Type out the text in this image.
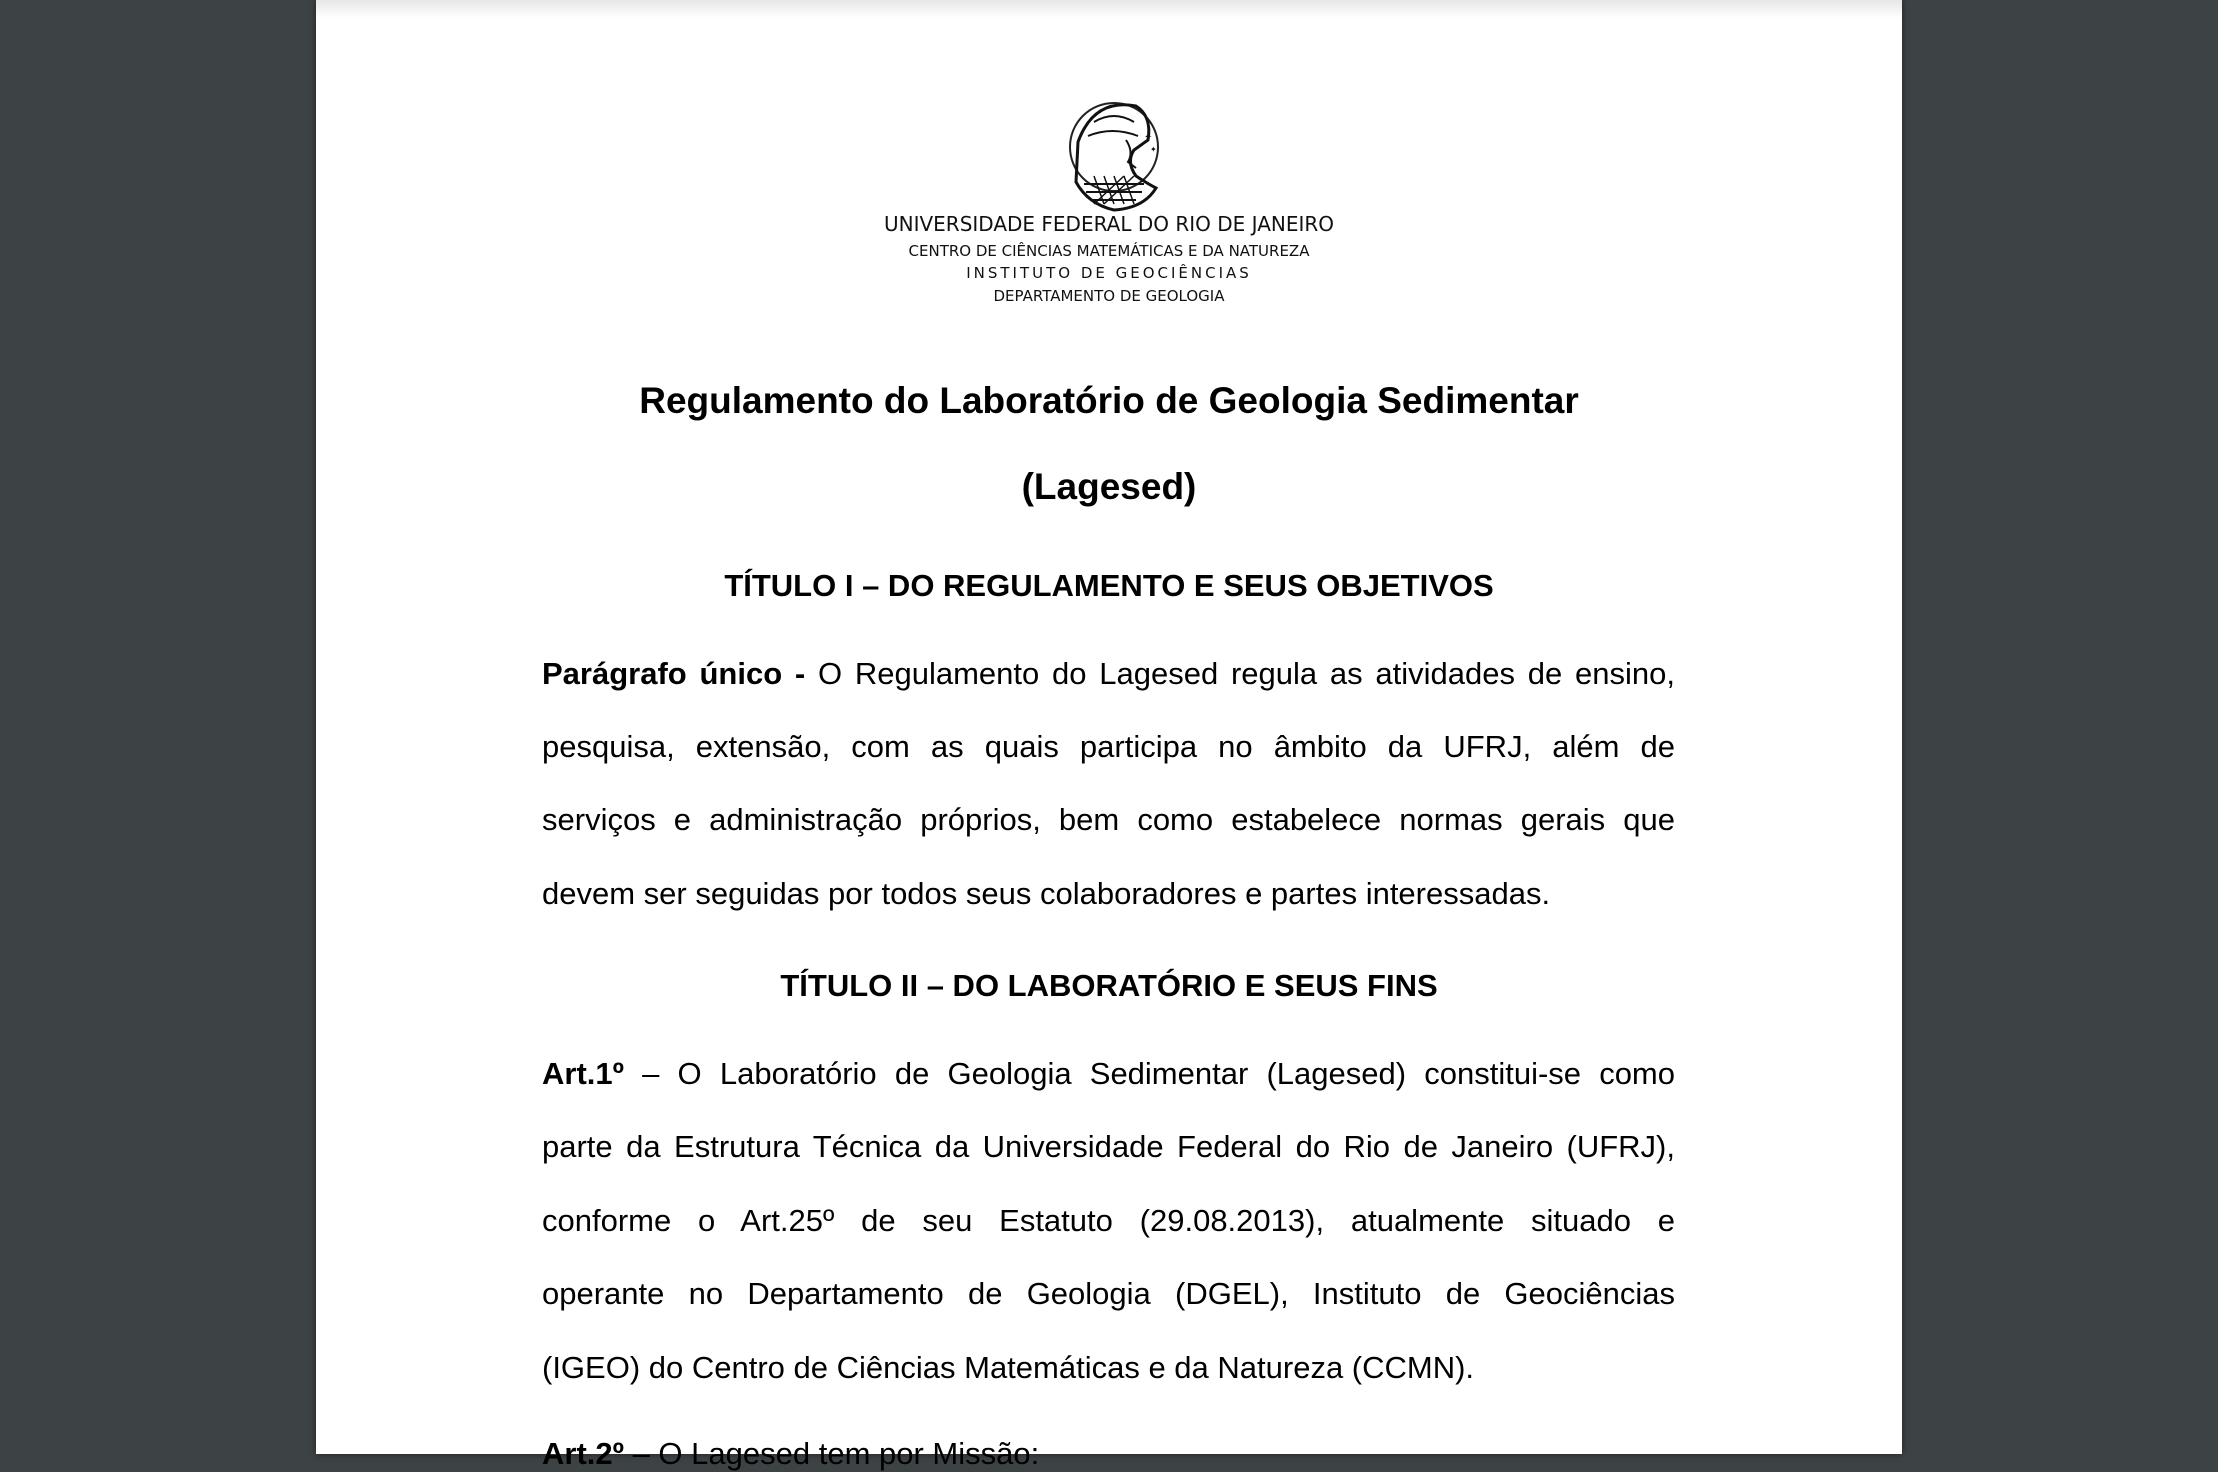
✦
✦
UNIVERSIDADE FEDERAL DO RIO DE JANEIRO
CENTRO DE CIÊNCIAS MATEMÁTICAS E DA NATUREZA
INSTITUTO DE GEOCIÊNCIAS
DEPARTAMENTO DE GEOLOGIA
Regulamento do Laboratório de Geologia Sedimentar
(Lagesed)
TÍTULO I – DO REGULAMENTO E SEUS OBJETIVOS
Parágrafo único - O Regulamento do Lagesed regula as atividades de ensino,
pesquisa, extensão, com as quais participa no âmbito da UFRJ, além de
serviços e administração próprios, bem como estabelece normas gerais que
devem ser seguidas por todos seus colaboradores e partes interessadas.
TÍTULO II – DO LABORATÓRIO E SEUS FINS
Art.1º – O Laboratório de Geologia Sedimentar (Lagesed) constitui-se como
parte da Estrutura Técnica da Universidade Federal do Rio de Janeiro (UFRJ),
conforme o Art.25º de seu Estatuto (29.08.2013), atualmente situado e
operante no Departamento de Geologia (DGEL), Instituto de Geociências
(IGEO) do Centro de Ciências Matemáticas e da Natureza (CCMN).
Art.2º – O Lagesed tem por Missão:
